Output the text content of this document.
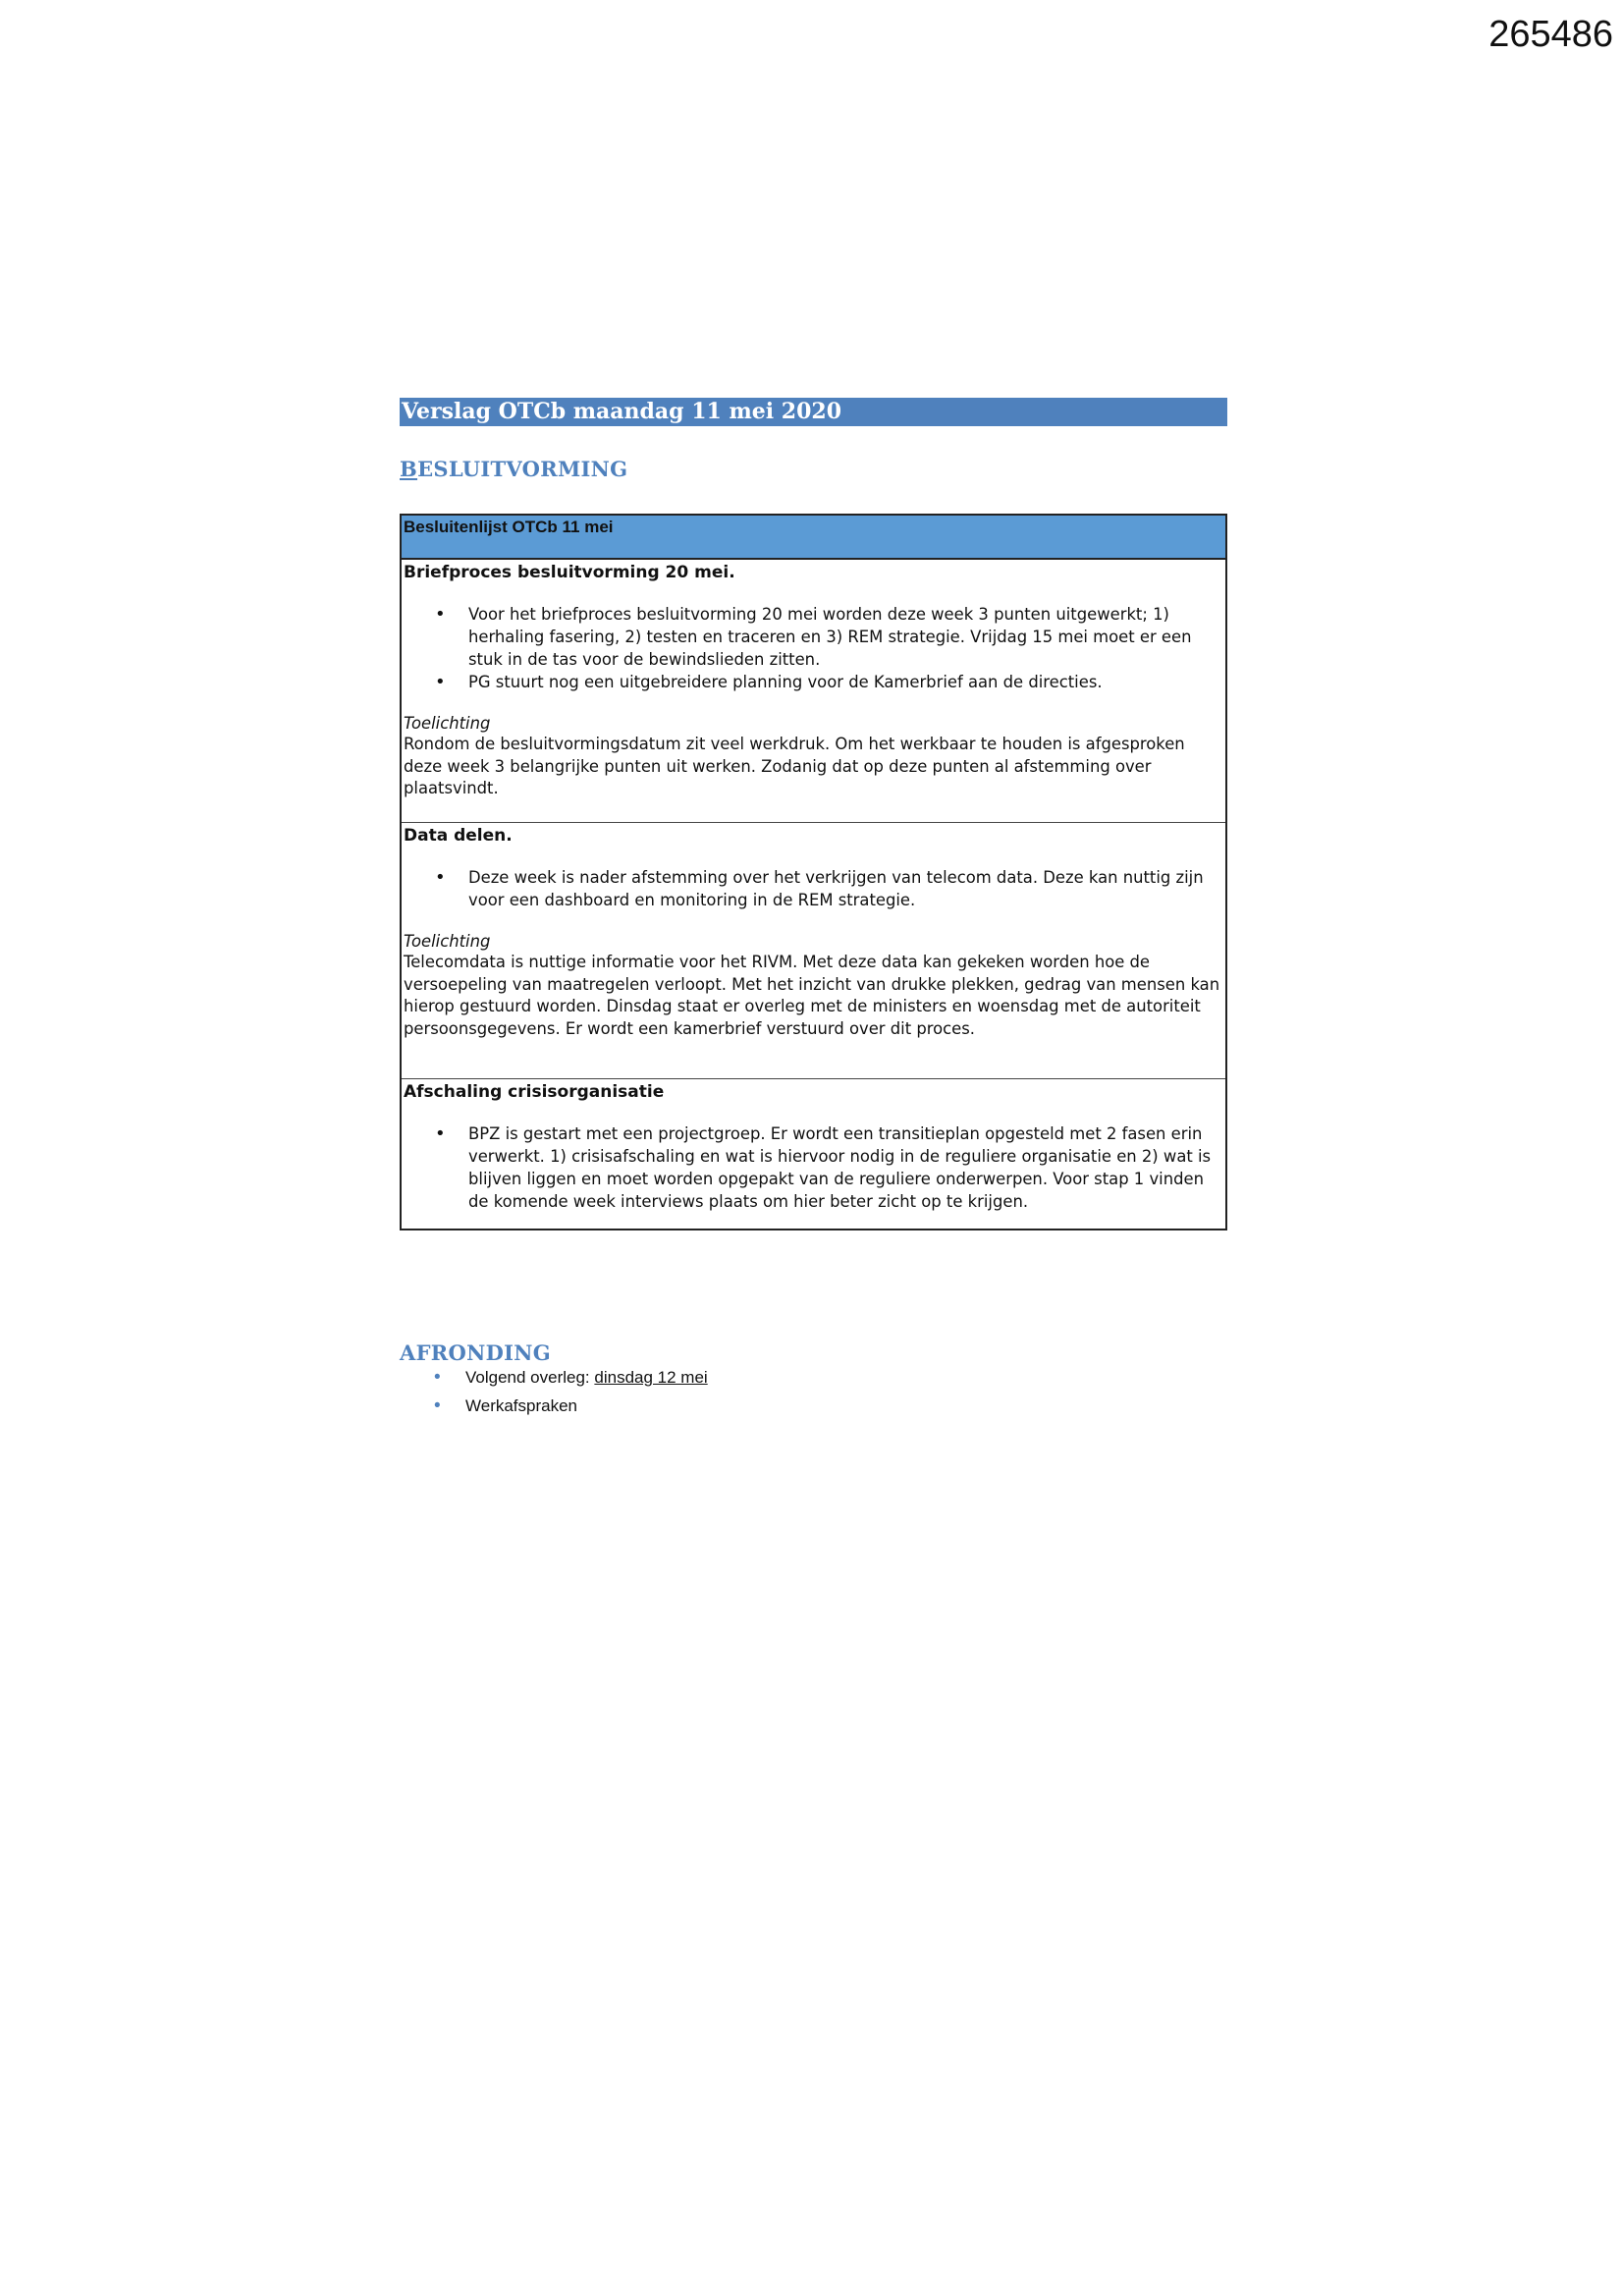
265486
Verslag OTCb maandag 11 mei 2020
BESLUITVORMING
Besluitenlijst OTCb 11 mei
Briefproces besluitvorming 20 mei.
• Voor het briefproces besluitvorming 20 mei worden deze week 3 punten uitgewerkt; 1) herhaling fasering, 2) testen en traceren en 3) REM strategie. Vrijdag 15 mei moet er een stuk in de tas voor de bewindslieden zitten.
• PG stuurt nog een uitgebreidere planning voor de Kamerbrief aan de directies.
Toelichting
Rondom de besluitvormingsdatum zit veel werkdruk. Om het werkbaar te houden is afgesproken deze week 3 belangrijke punten uit werken. Zodanig dat op deze punten al afstemming over plaatsvindt.
Data delen.
• Deze week is nader afstemming over het verkrijgen van telecom data. Deze kan nuttig zijn voor een dashboard en monitoring in de REM strategie.
Toelichting
Telecomdata is nuttige informatie voor het RIVM. Met deze data kan gekeken worden hoe de versoepeling van maatregelen verloopt. Met het inzicht van drukke plekken, gedrag van mensen kan hierop gestuurd worden. Dinsdag staat er overleg met de ministers en woensdag met de autoriteit persoonsgegevens. Er wordt een kamerbrief verstuurd over dit proces.
Afschaling crisisorganisatie
• BPZ is gestart met een projectgroep. Er wordt een transitieplan opgesteld met 2 fasen erin verwerkt. 1) crisisafschaling en wat is hiervoor nodig in de reguliere organisatie en 2) wat is blijven liggen en moet worden opgepakt van de reguliere onderwerpen. Voor stap 1 vinden de komende week interviews plaats om hier beter zicht op te krijgen.
AFRONDING
• Volgend overleg: dinsdag 12 mei
• Werkafspraken
